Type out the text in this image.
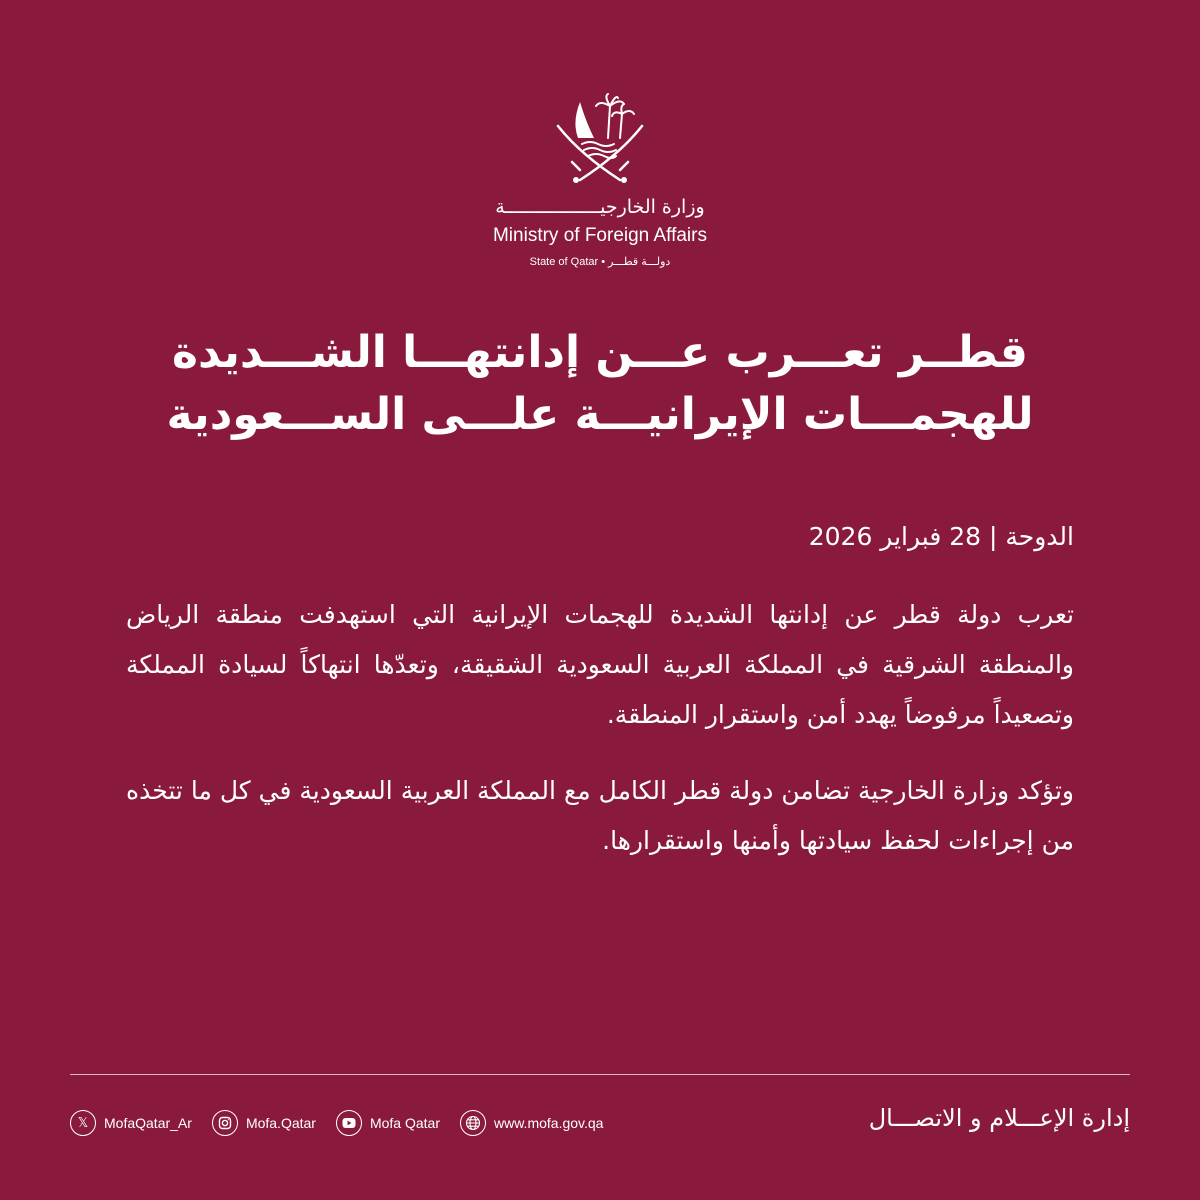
وزارة الخارجيـــــــــــــــــة
Ministry of Foreign Affairs
State of Qatar • دولـــة قطـــر
قطــر تعـــرب عـــن إدانتهـــا الشـــديدة للهجمـــات الإيرانيـــة علـــى الســـعودية
الدوحة | 28 فبراير 2026
تعرب دولة قطر عن إدانتها الشديدة للهجمات الإيرانية التي استهدفت منطقة الرياض والمنطقة الشرقية في المملكة العربية السعودية الشقيقة، وتعدّها انتهاكاً لسيادة المملكة وتصعيداً مرفوضاً يهدد أمن واستقرار المنطقة.
وتؤكد وزارة الخارجية تضامن دولة قطر الكامل مع المملكة العربية السعودية في كل ما تتخذه من إجراءات لحفظ سيادتها وأمنها واستقرارها.
𝕏 MofaQatar_Ar	Mofa.Qatar	Mofa Qatar	www.mofa.gov.qa	إدارة الإعـــلام و الاتصـــال
